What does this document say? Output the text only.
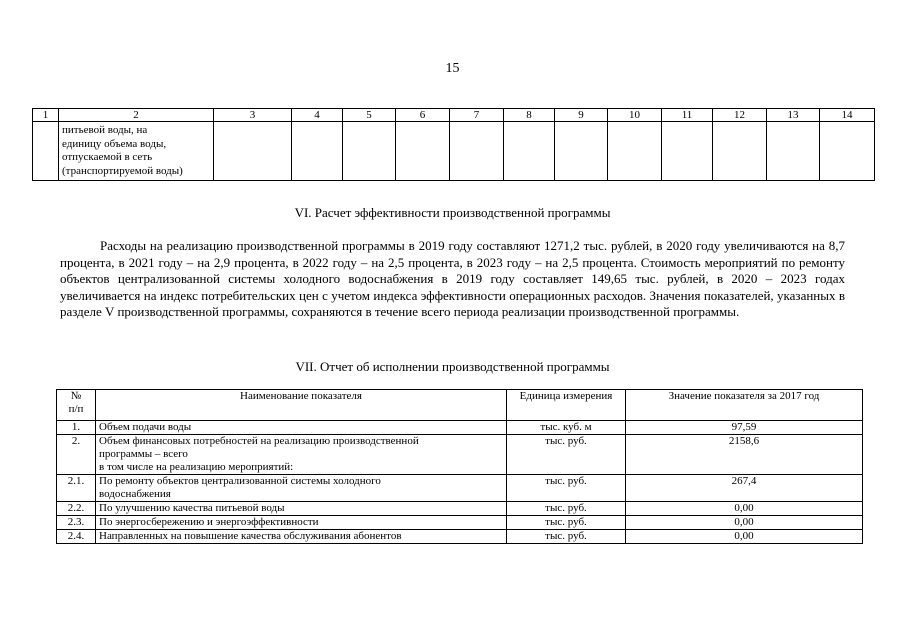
15
1	2	3	4	5	6	7	8	9	10	11	12	13	14

	питьевой воды, на
единицу объема воды,
отпускаемой в сеть
(транспортируемой воды)												

VI. Расчет эффективности производственной программы

Расходы на реализацию производственной программы в 2019 году составляют 1271,2 тыс. рублей, в 2020 году увеличиваются на 8,7 процента, в 2021 году – на 2,9 процента, в 2022 году – на 2,5 процента, в 2023 году – на 2,5 процента. Стоимость мероприятий по ремонту объектов централизованной системы холодного водоснабжения в 2019 году составляет 149,65 тыс. рублей, в 2020 – 2023 годах увеличивается на индекс потребительских цен с учетом индекса эффективности операционных расходов. Значения показателей, указанных в разделе V производственной программы, сохраняются в течение всего периода реализации производственной программы.

VII. Отчет об исполнении производственной программы
№
п/п	Наименование показателя	Единица измерения	Значение показателя за 2017 год
1.	Объем подачи воды	тыс. куб. м	97,59
2.	Объем финансовых потребностей на реализацию производственной
программы – всего
в том числе на реализацию мероприятий:	тыс. руб.	2158,6
2.1.	По ремонту объектов централизованной системы холодного
водоснабжения	тыс. руб.	267,4
2.2.	По улучшению качества питьевой воды	тыс. руб.	0,00
2.3.	По энергосбережению и энергоэффективности	тыс. руб.	0,00
2.4.	Направленных на повышение качества обслуживания абонентов	тыс. руб.	0,00
